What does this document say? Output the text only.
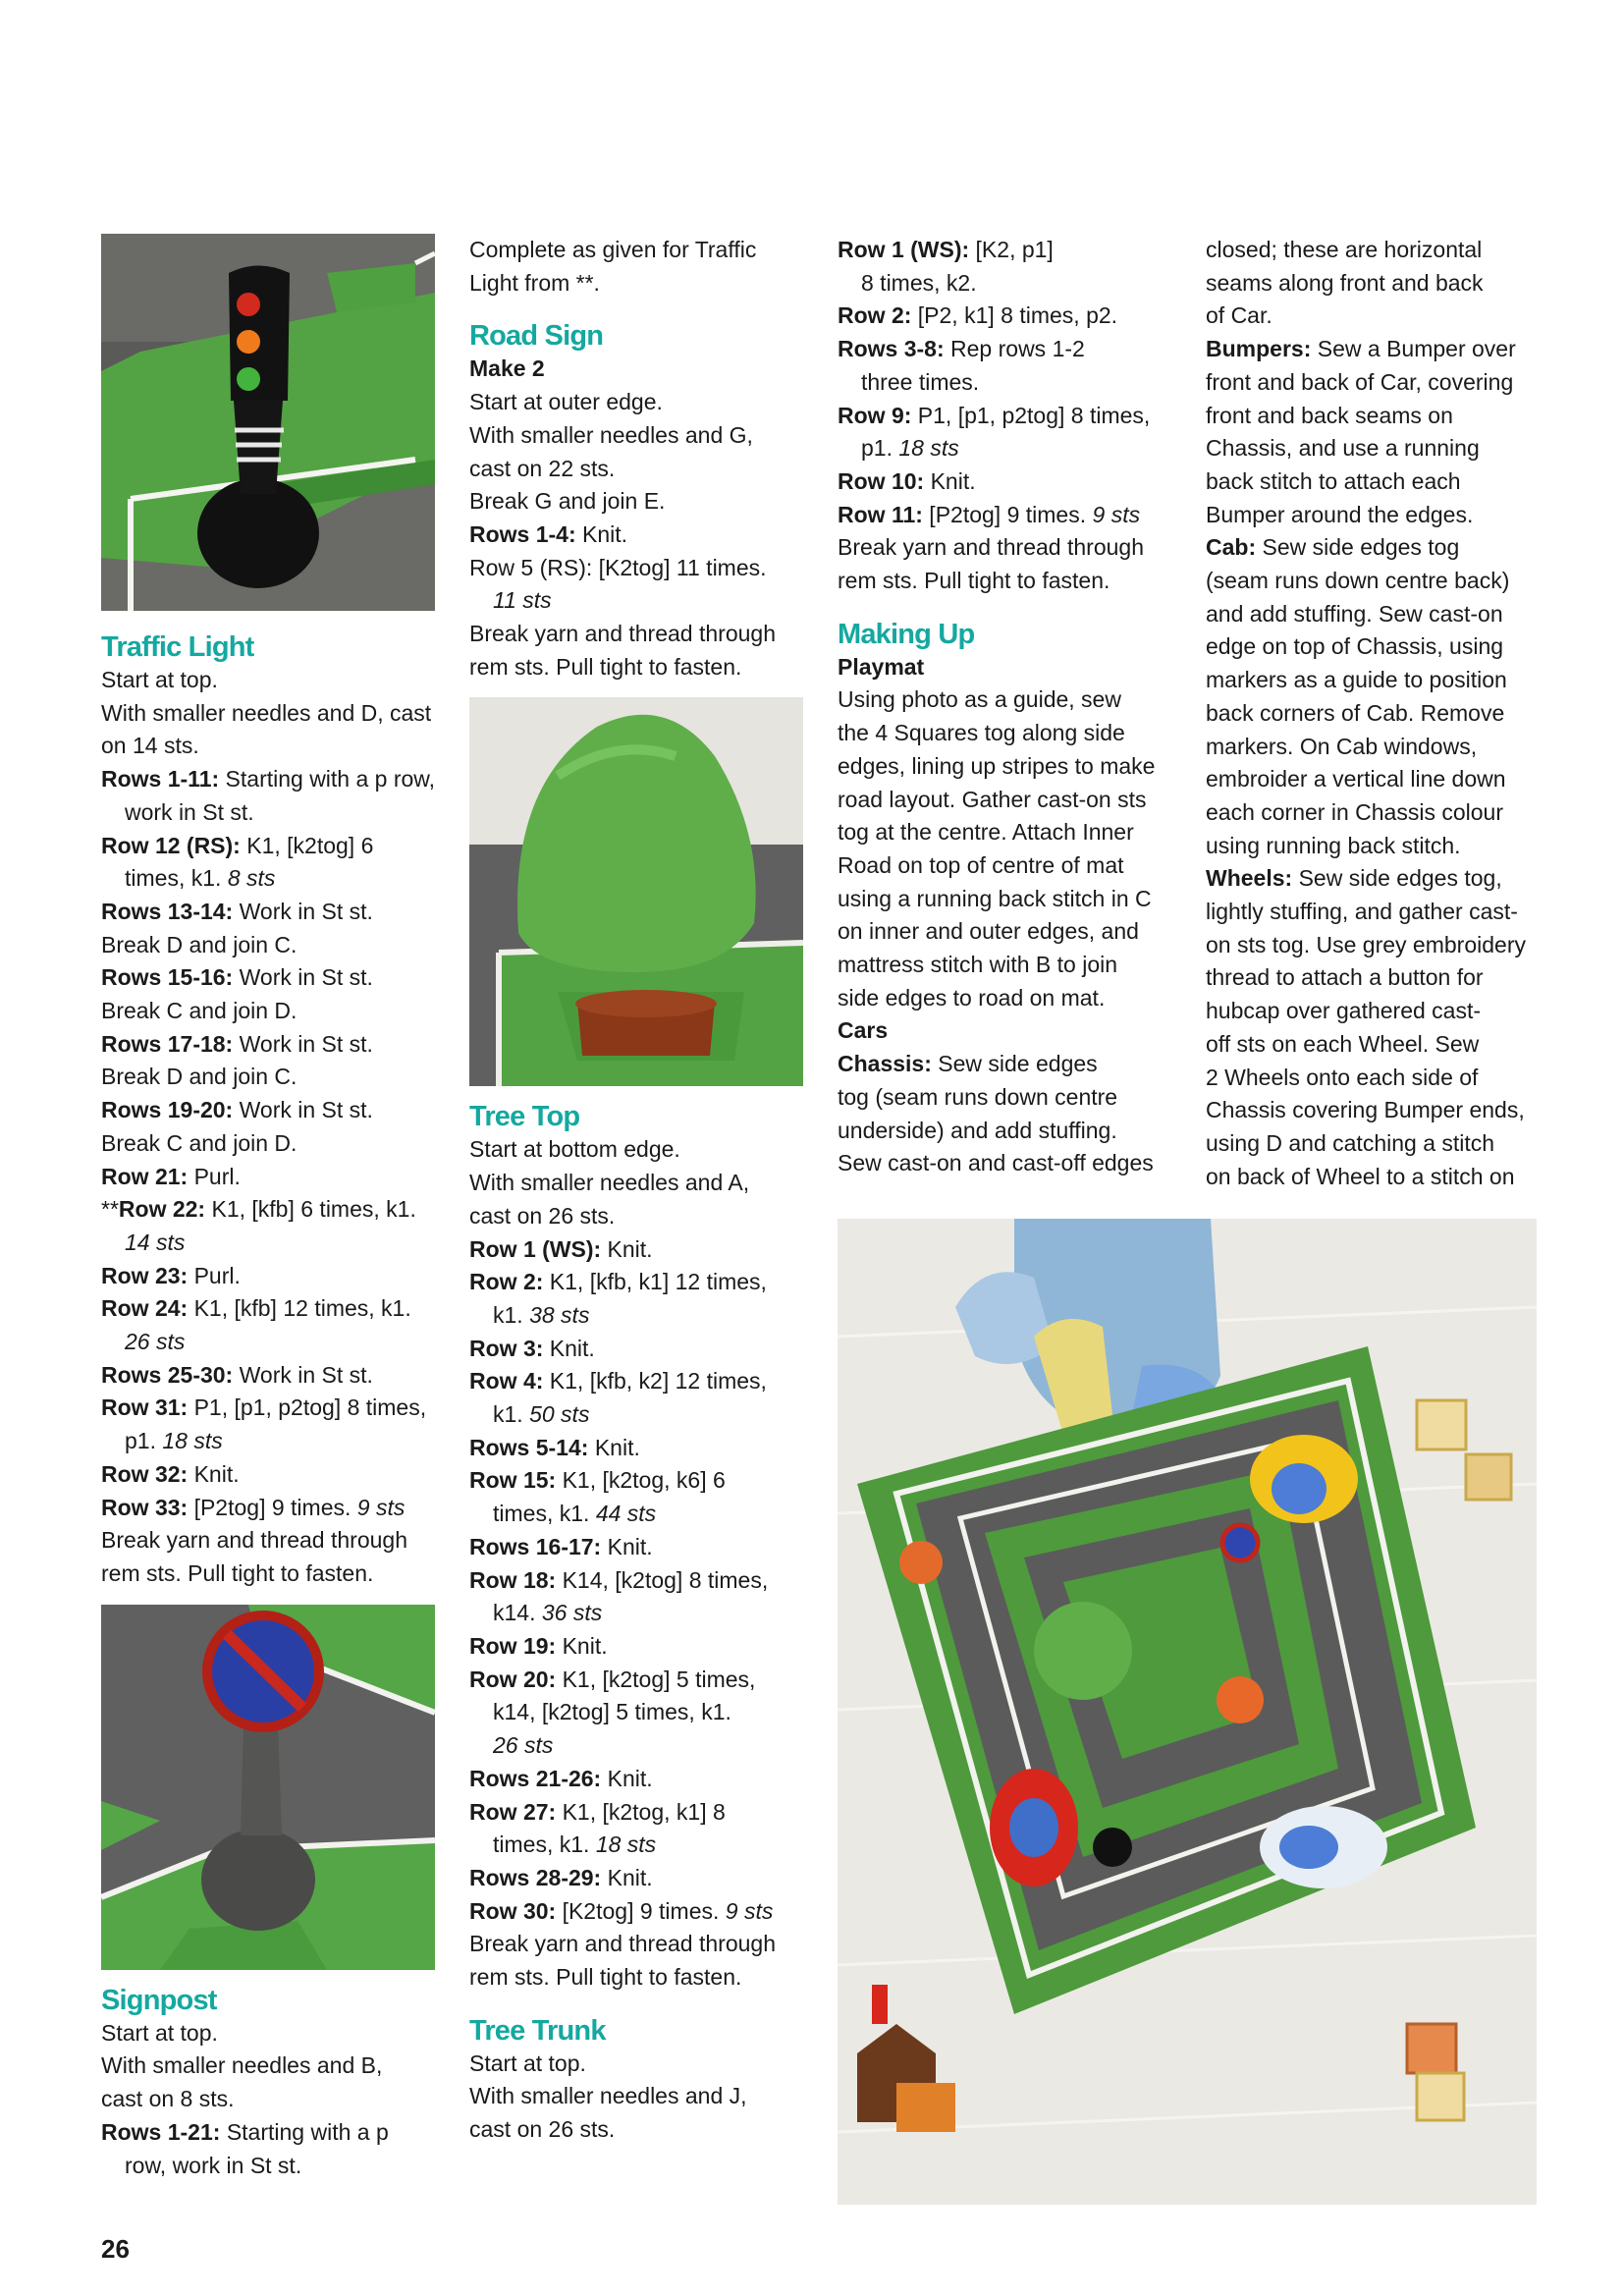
Traffic Light

Start at top.

With smaller needles and D, cast

on 14 sts.

Rows 1-11: Starting with a p row,

work in St st.

Row 12 (RS): K1, [k2tog] 6

times, k1. 8 sts

Rows 13-14: Work in St st.

Break D and join C.

Rows 15-16: Work in St st.

Break C and join D.

Rows 17-18: Work in St st.

Break D and join C.

Rows 19-20: Work in St st.

Break C and join D.

Row 21: Purl.

**Row 22: K1, [kfb] 6 times, k1.

14 sts

Row 23: Purl.

Row 24: K1, [kfb] 12 times, k1.

26 sts

Rows 25-30: Work in St st.

Row 31: P1, [p1, p2tog] 8 times,

p1. 18 sts

Row 32: Knit.

Row 33: [P2tog] 9 times. 9 sts

Break yarn and thread through

rem sts. Pull tight to fasten.

Signpost

Start at top.

With smaller needles and B,

cast on 8 sts.

Rows 1-21: Starting with a p

row, work in St st.

Complete as given for Traffic

Light from **.

Road Sign

Make 2

Start at outer edge.

With smaller needles and G,

cast on 22 sts.

Break G and join E.

Rows 1-4: Knit.

Row 5 (RS): [K2tog] 11 times.

11 sts

Break yarn and thread through

rem sts. Pull tight to fasten.

Tree Top

Start at bottom edge.

With smaller needles and A,

cast on 26 sts.

Row 1 (WS): Knit.

Row 2: K1, [kfb, k1] 12 times,

k1. 38 sts

Row 3: Knit.

Row 4: K1, [kfb, k2] 12 times,

k1. 50 sts

Rows 5-14: Knit.

Row 15: K1, [k2tog, k6] 6

times, k1. 44 sts

Rows 16-17: Knit.

Row 18: K14, [k2tog] 8 times,

k14. 36 sts

Row 19: Knit.

Row 20: K1, [k2tog] 5 times,

k14, [k2tog] 5 times, k1.

26 sts

Rows 21-26: Knit.

Row 27: K1, [k2tog, k1] 8

times, k1. 18 sts

Rows 28-29: Knit.

Row 30: [K2tog] 9 times. 9 sts

Break yarn and thread through

rem sts. Pull tight to fasten.

Tree Trunk

Start at top.

With smaller needles and J,

cast on 26 sts.

Row 1 (WS): [K2, p1]

8 times, k2.

Row 2: [P2, k1] 8 times, p2.

Rows 3-8: Rep rows 1-2

three times.

Row 9: P1, [p1, p2tog] 8 times,

p1. 18 sts

Row 10: Knit.

Row 11: [P2tog] 9 times. 9 sts

Break yarn and thread through

rem sts. Pull tight to fasten.

Making Up

Playmat

Using photo as a guide, sew

the 4 Squares tog along side

edges, lining up stripes to make

road layout. Gather cast-on sts

tog at the centre. Attach Inner

Road on top of centre of mat

using a running back stitch in C

on inner and outer edges, and

mattress stitch with B to join

side edges to road on mat.

Cars

Chassis: Sew side edges

tog (seam runs down centre

underside) and add stuffing.

Sew cast-on and cast-off edges

closed; these are horizontal

seams along front and back

of Car.

Bumpers: Sew a Bumper over

front and back of Car, covering

front and back seams on

Chassis, and use a running

back stitch to attach each

Bumper around the edges.

Cab: Sew side edges tog

(seam runs down centre back)

and add stuffing. Sew cast-on

edge on top of Chassis, using

markers as a guide to position

back corners of Cab. Remove

markers. On Cab windows,

embroider a vertical line down

each corner in Chassis colour

using running back stitch.

Wheels: Sew side edges tog,

lightly stuffing, and gather cast-

on sts tog. Use grey embroidery

thread to attach a button for

hubcap over gathered cast-

off sts on each Wheel. Sew

2 Wheels onto each side of

Chassis covering Bumper ends,

using D and catching a stitch

on back of Wheel to a stitch on

26
